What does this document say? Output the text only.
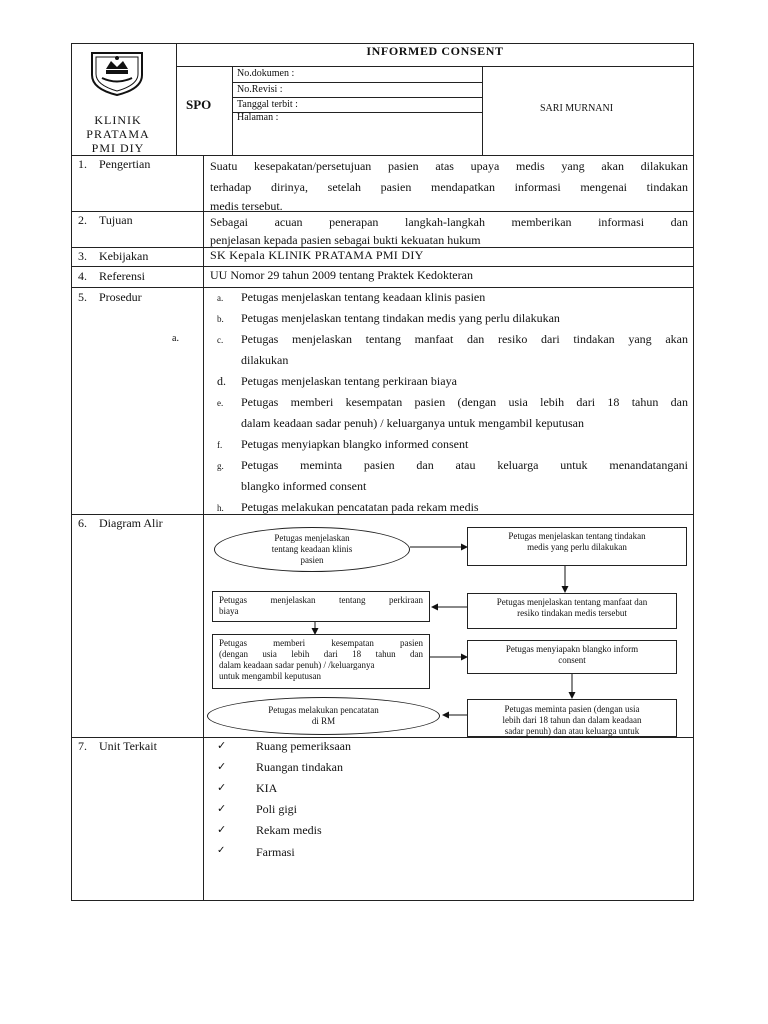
KLINIK
PRATAMA
PMI DIY
INFORMED CONSENT
SPO
No.dokumen :
No.Revisi :
Tanggal terbit :
Halaman :
SARI MURNANI
1. Pengertian	Suatu kesepakatan/persetujuan pasien atas upaya medis yang akan dilakukan
terhadap dirinya, setelah pasien mendapatkan informasi mengenai tindakan
medis tersebut.
2. Tujuan	Sebagai acuan penerapan langkah-langkah memberikan informasi dan
penjelasan kepada pasien sebagai bukti kekuatan hukum
3. Kebijakan	SK Kepala KLINIK PRATAMA PMI DIY
4. Referensi	UU Nomor 29 tahun 2009 tentang Praktek Kedokteran
5. Prosedur
a.
a. Petugas menjelaskan tentang keadaan klinis pasien
b. Petugas menjelaskan tentang tindakan medis yang perlu dilakukan
c. Petugas menjelaskan tentang manfaat dan resiko dari tindakan yang akan
dilakukan
d. Petugas menjelaskan tentang perkiraan biaya
e. Petugas memberi kesempatan pasien (dengan usia lebih dari 18 tahun dan
dalam keadaan sadar penuh) / keluarganya untuk mengambil keputusan
f. Petugas menyiapkan blangko informed consent
g. Petugas meminta pasien dan atau keluarga untuk menandatangani
blangko informed consent
h. Petugas melakukan pencatatan pada rekam medis
6. Diagram Alir
Petugas menjelaskan
tentang keadaan klinis
pasien
Petugas menjelaskan tentang tindakan
medis yang perlu dilakukan
Petugas menjelaskan tentang manfaat dan
resiko tindakan medis tersebut
Petugas menjelaskan tentang perkiraan
biaya
Petugas memberi kesempatan pasien
(dengan usia lebih dari 18 tahun dan
dalam keadaan sadar penuh) / /keluarganya
untuk mengambil keputusan
Petugas menyiapakn blangko inform
consent
Petugas melakukan pencatatan
di RM
Petugas meminta pasien (dengan usia
lebih dari 18 tahun dan dalam keadaan
sadar penuh) dan atau keluarga untuk
7. Unit Terkait	✓ Ruang pemeriksaan
✓ Ruangan tindakan
✓ KIA
✓ Poli gigi
✓ Rekam medis
✓	Farmasi
